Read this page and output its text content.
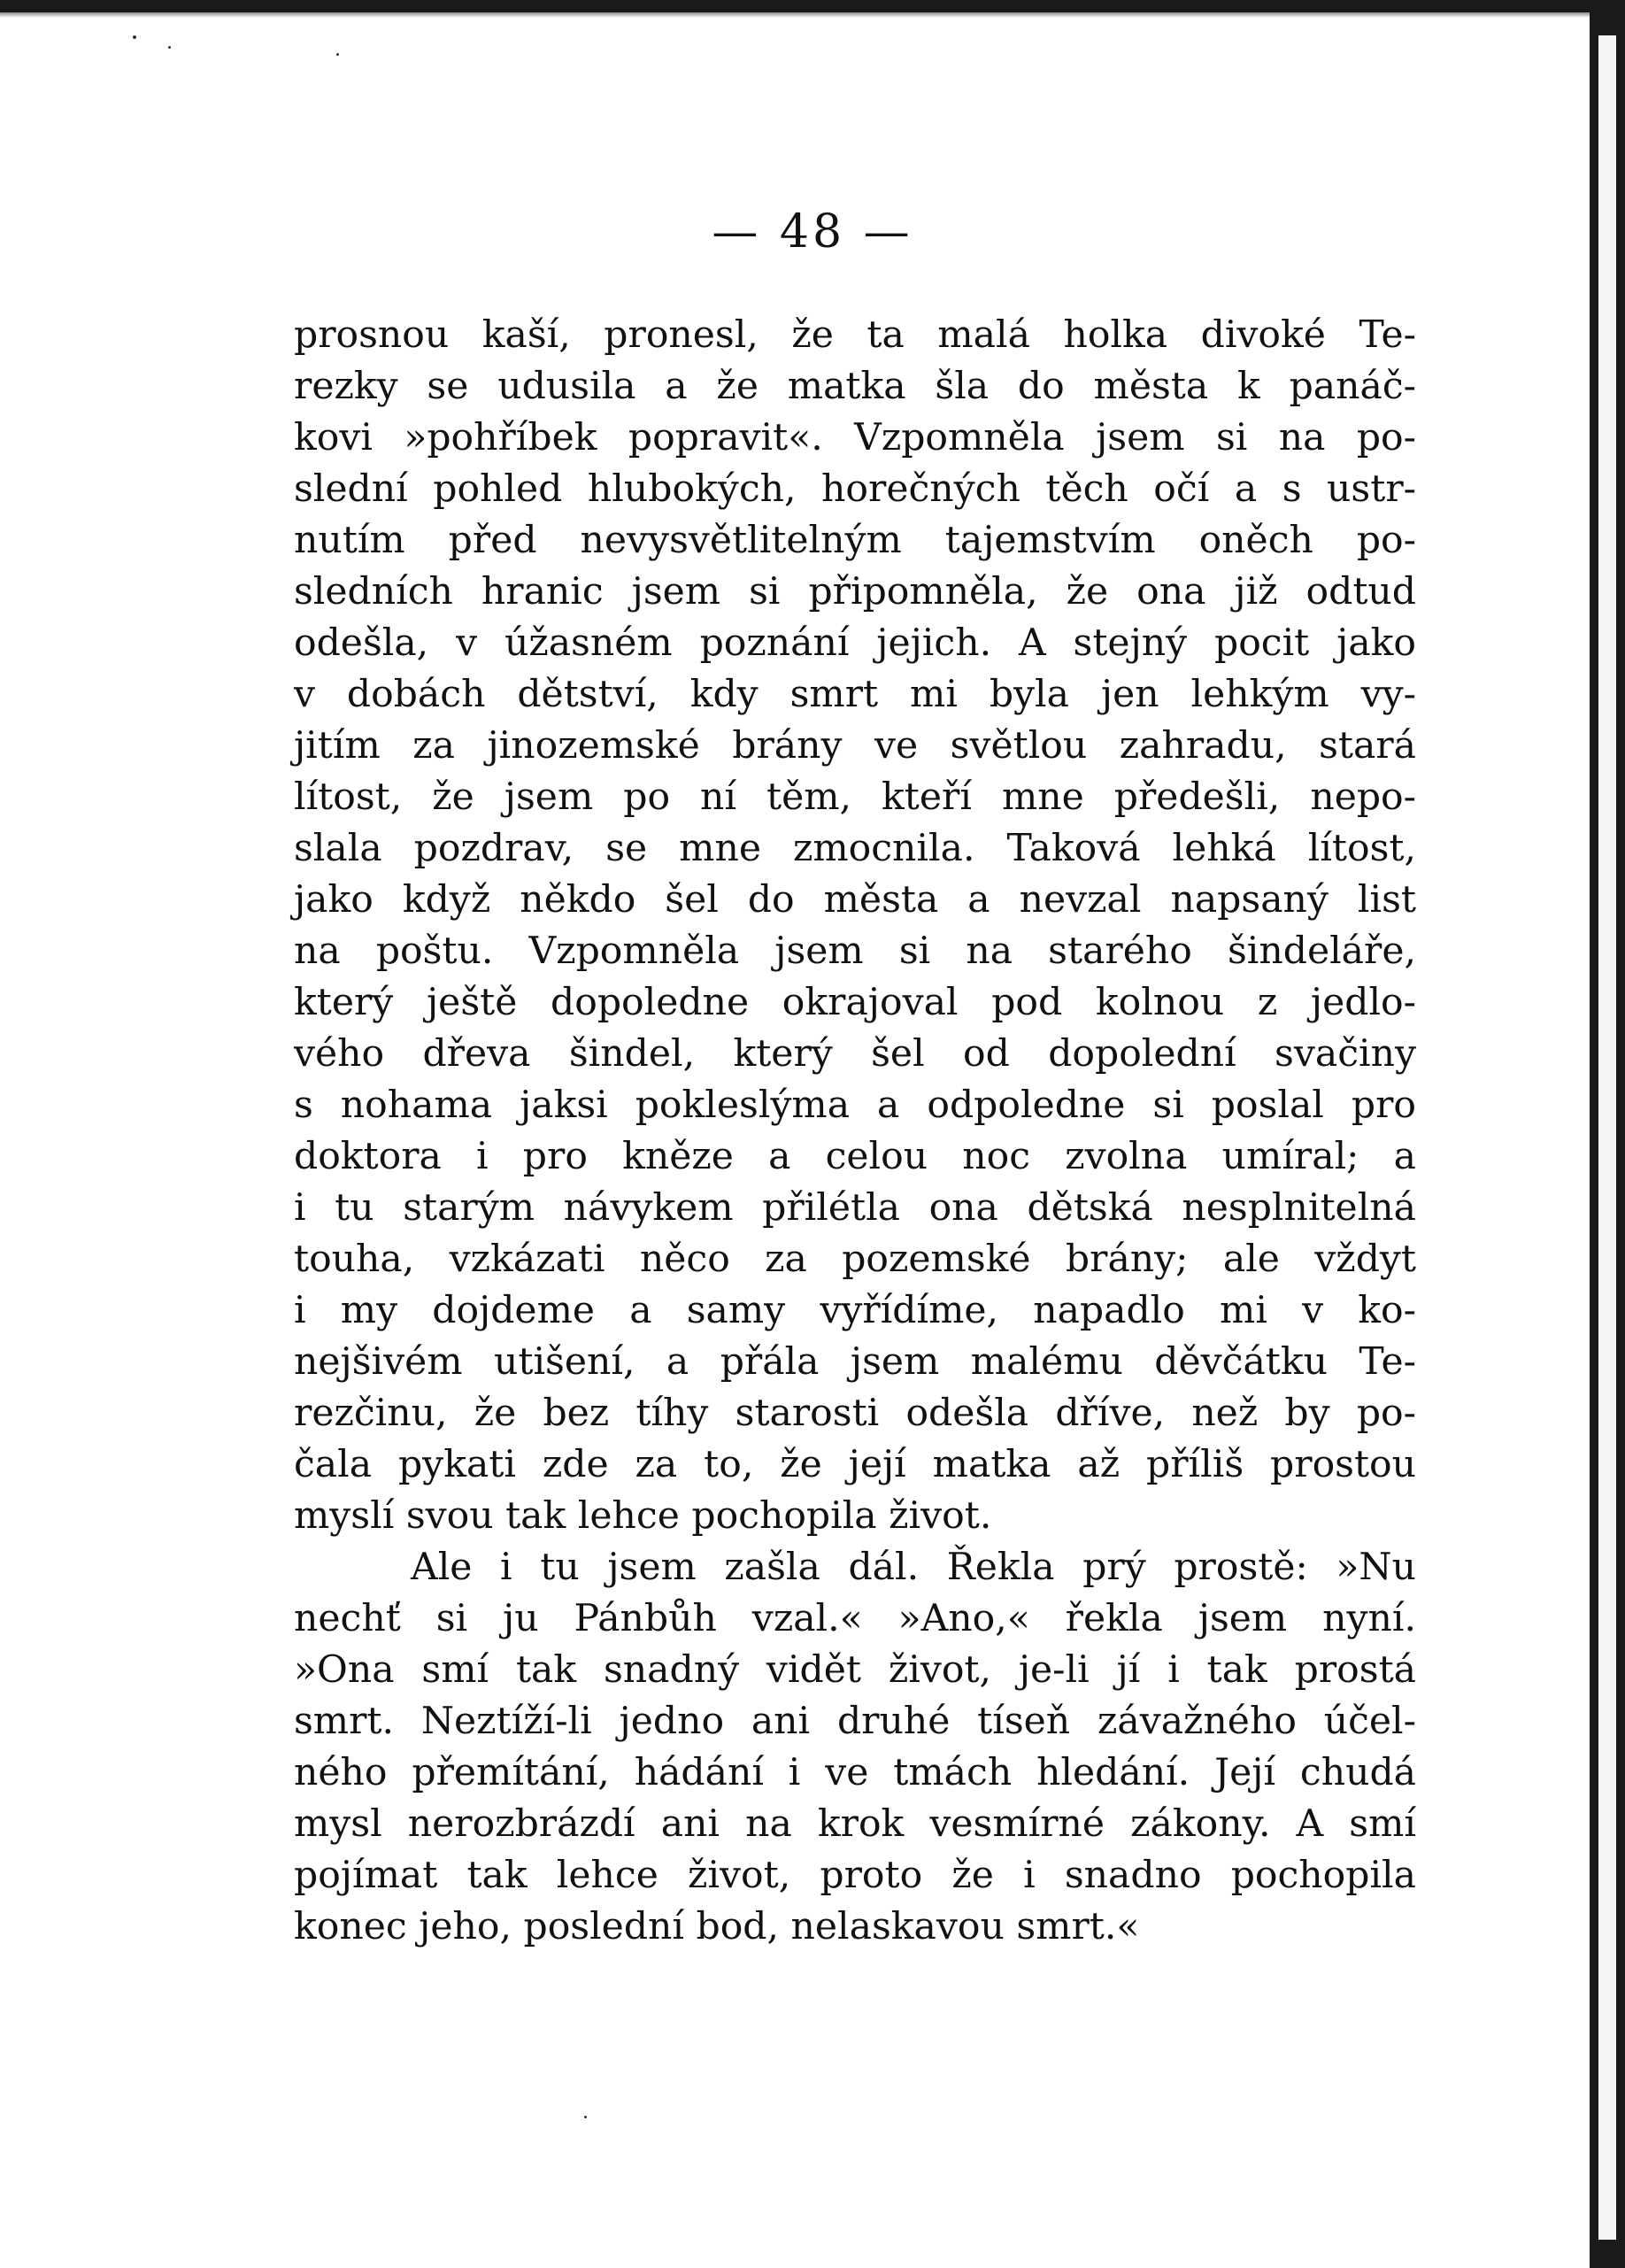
— 48 —
prosnou kaší, pronesl, že ta malá holka divoké Te-
rezky se udusila a že matka šla do města k panáč-
kovi »pohříbek popravit«. Vzpomněla jsem si na po-
slední pohled hlubokých, horečných těch očí a s ustr-
nutím před nevysvětlitelným tajemstvím oněch po-
sledních hranic jsem si připomněla, že ona již odtud
odešla, v úžasném poznání jejich. A stejný pocit jako
v dobách dětství, kdy smrt mi byla jen lehkým vy-
jitím za jinozemské brány ve světlou zahradu, stará
lítost, že jsem po ní těm, kteří mne předešli, nepo-
slala pozdrav, se mne zmocnila. Taková lehká lítost,
jako když někdo šel do města a nevzal napsaný list
na poštu. Vzpomněla jsem si na starého šindeláře,
který ještě dopoledne okrajoval pod kolnou z jedlo-
vého dřeva šindel, který šel od dopolední svačiny
s nohama jaksi pokleslýma a odpoledne si poslal pro
doktora i pro kněze a celou noc zvolna umíral; a
i tu starým návykem přilétla ona dětská nesplnitelná
touha, vzkázati něco za pozemské brány; ale vždyt
i my dojdeme a samy vyřídíme, napadlo mi v ko-
nejšivém utišení, a přála jsem malému děvčátku Te-
rezčinu, že bez tíhy starosti odešla dříve, než by po-
čala pykati zde za to, že její matka až příliš prostou
myslí svou tak lehce pochopila život.
Ale i tu jsem zašla dál. Řekla prý prostě: »Nu
nechť si ju Pánbůh vzal.« »Ano,« řekla jsem nyní.
»Ona smí tak snadný vidět život, je-li jí i tak prostá
smrt. Neztíží-li jedno ani druhé tíseň závažného účel-
ného přemítání, hádání i ve tmách hledání. Její chudá
mysl nerozbrázdí ani na krok vesmírné zákony. A smí
pojímat tak lehce život, proto že i snadno pochopila
konec jeho, poslední bod, nelaskavou smrt.«
